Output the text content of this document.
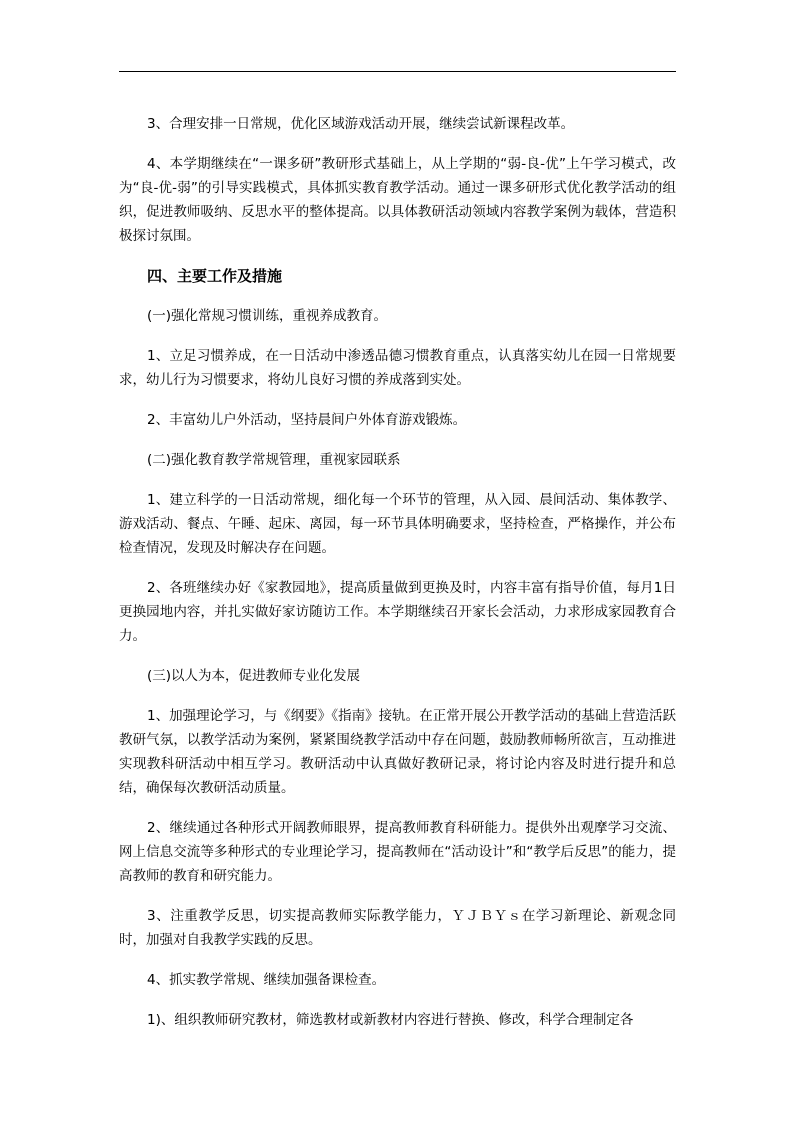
3、合理安排一日常规，优化区域游戏活动开展，继续尝试新课程改革。

4、本学期继续在“一课多研”教研形式基础上，从上学期的“弱-良-优”上午学习模式，改为“良-优-弱”的引导实践模式，具体抓实教育教学活动。通过一课多研形式优化教学活动的组织，促进教师吸纳、反思水平的整体提高。以具体教研活动领域内容教学案例为载体，营造积极探讨氛围。

四、主要工作及措施

(一)强化常规习惯训练，重视养成教育。

1、立足习惯养成，在一日活动中渗透品德习惯教育重点，认真落实幼儿在园一日常规要求，幼儿行为习惯要求，将幼儿良好习惯的养成落到实处。

2、丰富幼儿户外活动，坚持晨间户外体育游戏锻炼。

(二)强化教育教学常规管理，重视家园联系

1、建立科学的一日活动常规，细化每一个环节的管理，从入园、晨间活动、集体教学、游戏活动、餐点、午睡、起床、离园，每一环节具体明确要求，坚持检查，严格操作，并公布检查情况，发现及时解决存在问题。

2、各班继续办好《家教园地》，提高质量做到更换及时，内容丰富有指导价值，每月1日更换园地内容，并扎实做好家访随访工作。本学期继续召开家长会活动，力求形成家园教育合力。

(三)以人为本，促进教师专业化发展

1、加强理论学习，与《纲要》《指南》接轨。在正常开展公开教学活动的基础上营造活跃教研气氛，以教学活动为案例，紧紧围绕教学活动中存在问题，鼓励教师畅所欲言，互动推进实现教科研活动中相互学习。教研活动中认真做好教研记录，将讨论内容及时进行提升和总结，确保每次教研活动质量。

2、继续通过各种形式开阔教师眼界，提高教师教育科研能力。提供外出观摩学习交流、网上信息交流等多种形式的专业理论学习，提高教师在“活动设计”和“教学后反思”的能力，提高教师的教育和研究能力。

3、注重教学反思，切实提高教师实际教学能力，ＹＪＢＹｓ在学习新理论、新观念同时，加强对自我教学实践的反思。

4、抓实教学常规、继续加强备课检查。

1)、组织教师研究教材，筛选教材或新教材内容进行替换、修改，科学合理制定各
